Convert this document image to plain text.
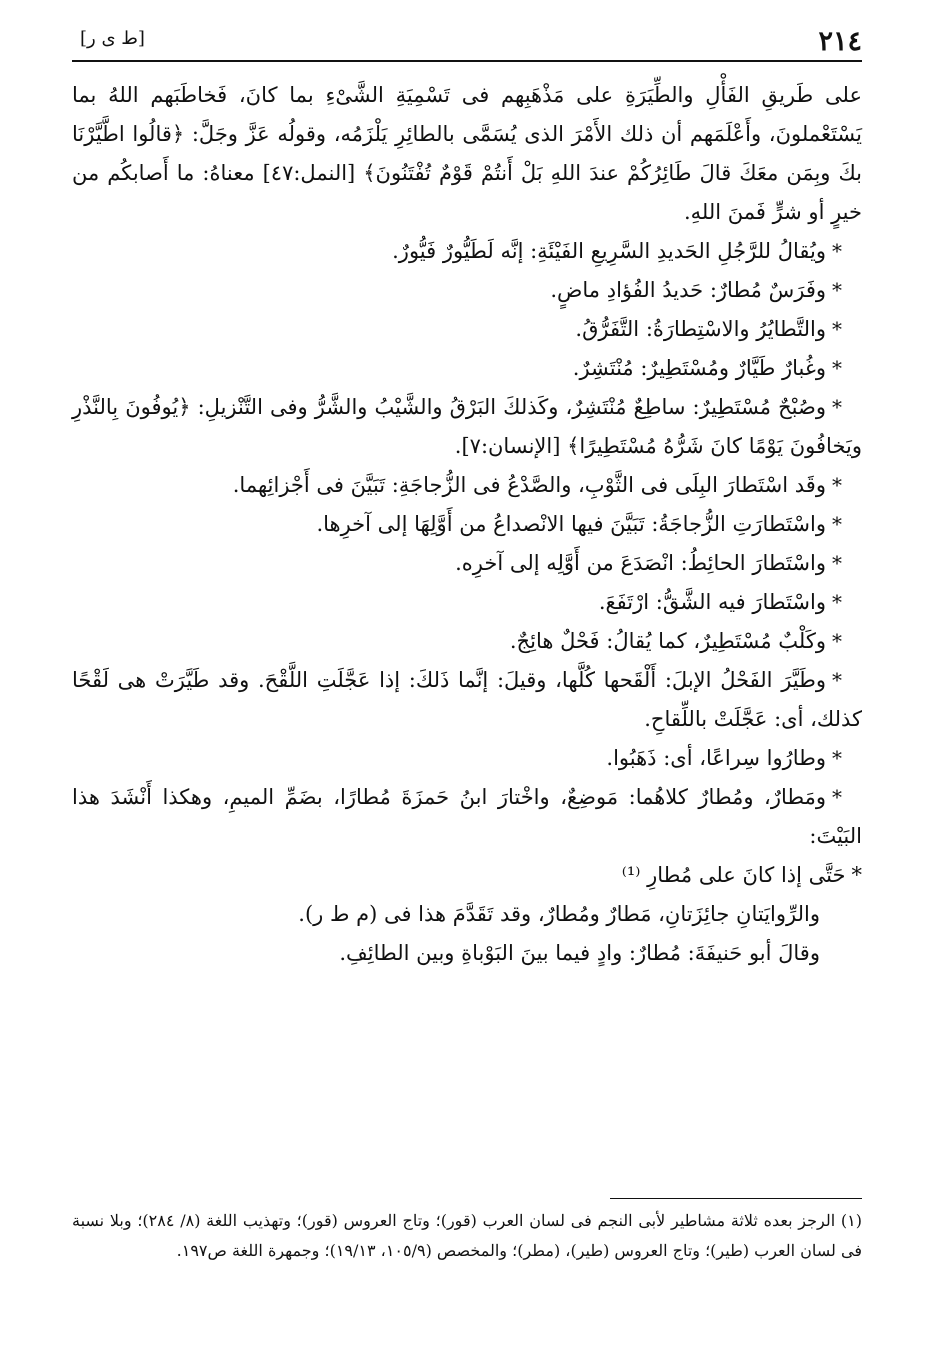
٢١٤
[ط ى ر]

على طَريقِ الفَأْلِ والطِّيَرَةِ على مَذْهَبِهم فى تَسْمِيَةِ الشَّىْءِ بما كانَ، فَخاطَبَهم اللهُ بما يَسْتَعْملونَ، وأَعْلَمَهم أن ذلك الأَمْرَ الذى يُسَمَّى بالطائِرِ يَلْزَمُه، وقولُه عَزَّ وجَلَّ: ﴿قالُوا اطَّيَّرْنَا بكَ وبِمَن معَكَ قالَ طَائِرُكُمْ عندَ اللهِ بَلْ أَنتُمْ قَوْمٌ تُفْتَنُونَ﴾ [النمل:٤٧] معناهُ: ما أَصابكُم من خيرٍ أو شرٍّ فَمنَ اللهِ.

*ويُقالُ للرَّجُلِ الحَديدِ السَّرِيعِ الفَيْئَةِ: إنَّه لَطَيُّورٌ فَيُّورٌ.

*وفَرَسٌ مُطارٌ: حَديدُ الفُؤادِ ماضٍ.

*والتَّطايُرُ والاسْتِطارَةُ: التَّفَرُّقُ.

*وغُبارٌ طَيَّارٌ ومُسْتَطِيرٌ: مُنْتَشِرٌ.

*وصُبْحٌ مُسْتَطِيرٌ: ساطِعٌ مُنْتَشِرٌ، وكَذلكَ البَرْقُ والشَّيْبُ والشَّرُّ وفى التَّنْزيلِ: ﴿يُوفُونَ بِالنَّذْرِ ويَخافُونَ يَوْمًا كانَ شَرُّهُ مُسْتَطِيرًا﴾ [الإنسان:٧].

*وقَد اسْتَطارَ البِلَى فى الثَّوْبِ، والصَّدْعُ فى الزُّجاجَةِ: تَبَيَّنَ فى أَجْزائِهما.

*واسْتَطارَتِ الزُّجاجَةُ: تَبَيَّنَ فيها الانْصداعُ من أَوَّلِهَا إلى آخرِها.

*واسْتَطارَ الحائِطُ: انْصَدَعَ من أَوَّلِه إلى آخرِه.

*واسْتَطارَ فيه الشَّقُّ: ارْتَفَعَ.

*وكَلْبٌ مُسْتَطِيرٌ، كما يُقالُ: فَحْلٌ هائِجٌ.

*وطَيَّرَ الفَحْلُ الإبلَ: أَلْقَحها كُلَّها، وقيلَ: إنَّما ذَلكَ: إذا عَجَّلَتِ اللَّقْحَ. وقد طَيَّرَتْ هى لَقْحًا كذلك، أى: عَجَّلَتْ باللِّقاحِ.

*وطارُوا سِراعًا، أى: ذَهَبُوا.

*ومَطارٌ، ومُطارٌ كلاهُما: مَوضِعٌ، واخْتارَ ابنُ حَمزَةَ مُطارًا، بضَمِّ الميمِ، وهكذا أَنْشَدَ هذا البَيْتَ:

*حَتَّى إذا كانَ على مُطارِ ⁽¹⁾

والرِّوايَتانِ جائِزَتانِ، مَطارٌ ومُطارٌ، وقد تَقَدَّمَ هذا فى (م ط ر).

وقالَ أبو حَنيفَةَ: مُطارٌ: وادٍ فيما بينَ البَوْباةِ وبين الطائِفِ.

(١) الرجز بعده ثلاثة مشاطير لأبى النجم فى لسان العرب (قور)؛ وتاج العروس (قور)؛ وتهذيب اللغة (٨/ ٢٨٤)؛ وبلا نسبة فى لسان العرب (طير)؛ وتاج العروس (طير)، (مطر)؛ والمخصص (١٠٥/٩، ١٩/١٣)؛ وجمهرة اللغة ص١٩٧.
